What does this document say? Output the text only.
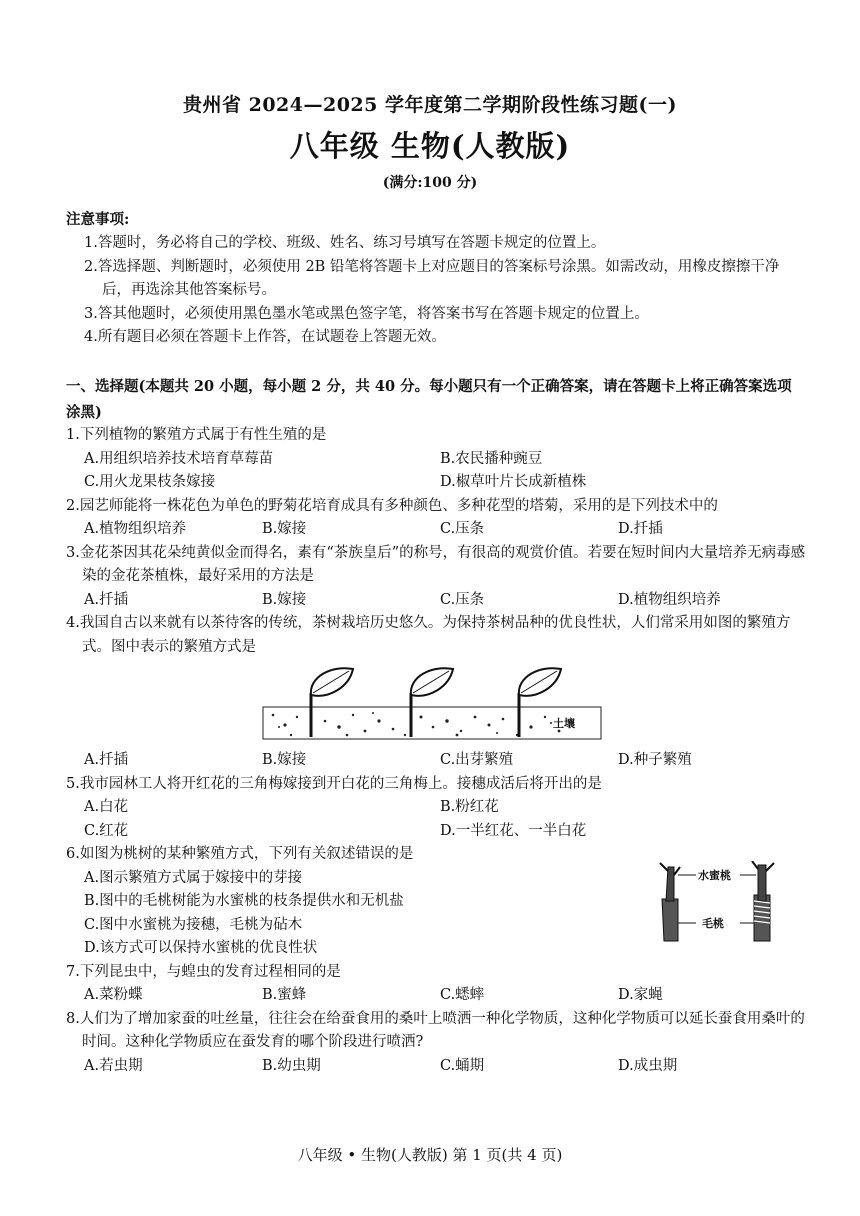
贵州省 2024—2025 学年度第二学期阶段性练习题(一)
八年级 生物(人教版)
(满分:100 分)
注意事项:
1.答题时，务必将自己的学校、班级、姓名、练习号填写在答题卡规定的位置上。
2.答选择题、判断题时，必须使用 2B 铅笔将答题卡上对应题目的答案标号涂黑。如需改动，用橡皮擦擦干净后，再选涂其他答案标号。
3.答其他题时，必须使用黑色墨水笔或黑色签字笔，将答案书写在答题卡规定的位置上。
4.所有题目必须在答题卡上作答，在试题卷上答题无效。
一、选择题(本题共 20 小题，每小题 2 分，共 40 分。每小题只有一个正确答案，请在答题卡上将正确答案选项涂黑)
1.下列植物的繁殖方式属于有性生殖的是
A.用组织培养技术培育草莓苗	B.农民播种豌豆
C.用火龙果枝条嫁接	D.椒草叶片长成新植株
2.园艺师能将一株花色为单色的野菊花培育成具有多种颜色、多种花型的塔菊，采用的是下列技术中的
A.植物组织培养	B.嫁接	C.压条	D.扦插
3.金花茶因其花朵纯黄似金而得名，素有“茶族皇后”的称号，有很高的观赏价值。若要在短时间内大量培养无病毒感染的金花茶植株，最好采用的方法是
A.扦插	B.嫁接	C.压条	D.植物组织培养
4.我国自古以来就有以茶待客的传统，茶树栽培历史悠久。为保持茶树品种的优良性状，人们常采用如图的繁殖方式。图中表示的繁殖方式是
土壤
A.扦插	B.嫁接	C.出芽繁殖	D.种子繁殖
5.我市园林工人将开红花的三角梅嫁接到开白花的三角梅上。接穗成活后将开出的是
A.白花	B.粉红花
C.红花	D.一半红花、一半白花
6.如图为桃树的某种繁殖方式，下列有关叙述错误的是
A.图示繁殖方式属于嫁接中的芽接
B.图中的毛桃树能为水蜜桃的枝条提供水和无机盐
C.图中水蜜桃为接穗，毛桃为砧木
D.该方式可以保持水蜜桃的优良性状
水蜜桃
毛桃
7.下列昆虫中，与蝗虫的发育过程相同的是
A.菜粉蝶	B.蜜蜂	C.蟋蟀	D.家蝇
8.人们为了增加家蚕的吐丝量，往往会在给蚕食用的桑叶上喷洒一种化学物质，这种化学物质可以延长蚕食用桑叶的时间。这种化学物质应在蚕发育的哪个阶段进行喷洒?
A.若虫期	B.幼虫期	C.蛹期	D.成虫期
八年级 • 生物(人教版) 第 1 页(共 4 页)
